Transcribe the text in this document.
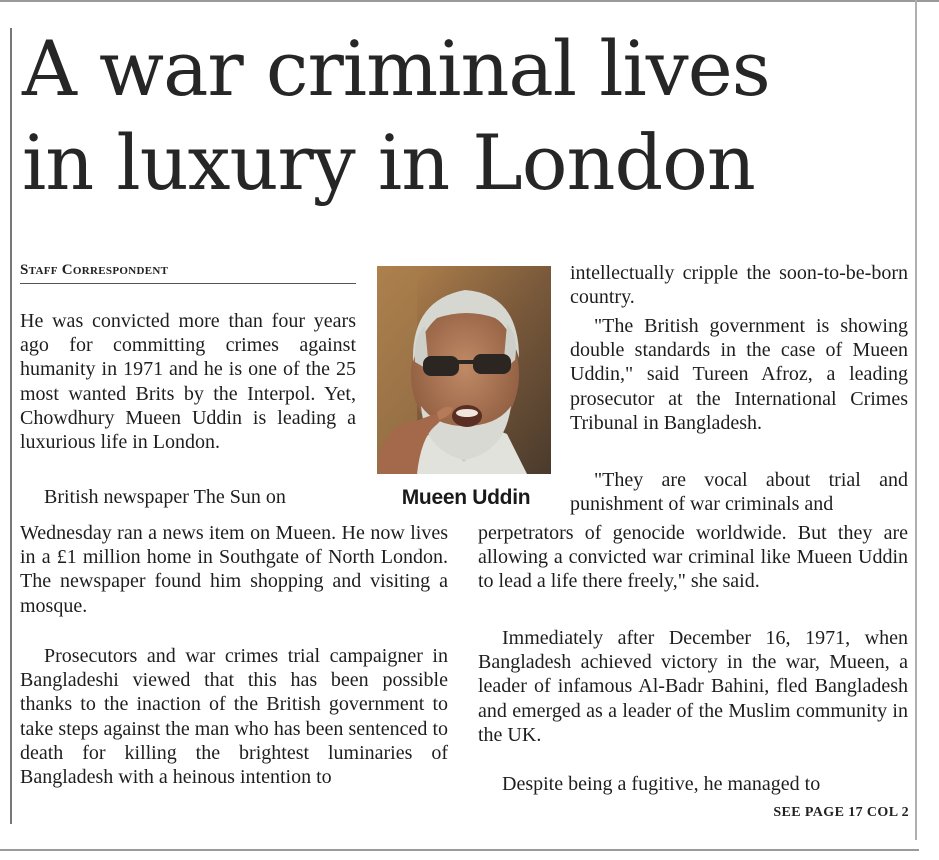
A war criminal lives
in luxury in London
Staff Correspondent

Mueen Uddin

He was convicted more than four years ago for committing crimes against humanity in 1971 and he is one of the 25 most wanted Brits by the Interpol. Yet, Chowdhury Mueen Uddin is leading a luxurious life in London.

British newspaper The Sun on

Wednesday ran a news item on Mueen. He now lives in a £1 million home in Southgate of North London. The newspaper found him shopping and visiting a mosque.

Prosecutors and war crimes trial campaigner in Bangladeshi viewed that this has been possible thanks to the inaction of the British government to take steps against the man who has been sentenced to death for killing the brightest luminaries of Bangladesh with a heinous intention to

intellectually cripple the soon-to-be-born country.

"The British government is showing double standards in the case of Mueen Uddin," said Tureen Afroz, a leading prosecutor at the International Crimes Tribunal in Bangladesh.

"They are vocal about trial and punishment of war criminals and

perpetrators of genocide worldwide. But they are allowing a convicted war criminal like Mueen Uddin to lead a life there freely," she said.

Immediately after December 16, 1971, when Bangladesh achieved victory in the war, Mueen, a leader of infamous Al-Badr Bahini, fled Bangladesh and emerged as a leader of the Muslim community in the UK.

Despite being a fugitive, he managed to

SEE PAGE 17 COL 2
